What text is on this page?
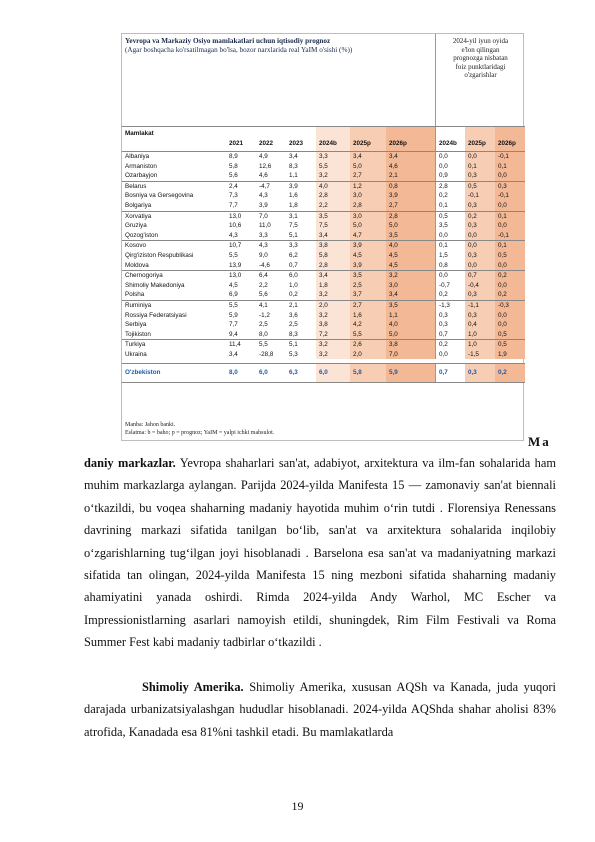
Yevropa va Markaziy Osiyo mamlakatlari uchun iqtisodiy prognoz
(Agar boshqacha ko'rsatilmagan bo'lsa, bozor narxlarida real YaIM o'sishi (%))
2024-yil iyun oyida
e'lon qilingan
prognozga nisbatan
foiz punktlaridagi
o'zgarishlar
Mamlakat
2021	2022	2023	2024b	2025p	2026p	2024b	2025p	2026p
Albaniya	8,9	4,9	3,4	3,3	3,4	3,4	0,0	0,0	-0,1
Armaniston	5,8	12,6	8,3	5,5	5,0	4,6	0,0	0,1	0,1
Ozarbayjon	5,6	4,6	1,1	3,2	2,7	2,1	0,9	0,3	0,0
Belarus	2,4	-4,7	3,9	4,0	1,2	0,8	2,8	0,5	0,3
Bosniya va Gersegovina	7,3	4,3	1,6	2,8	3,0	3,9	0,2	-0,1	-0,1
Bolgariya	7,7	3,9	1,8	2,2	2,8	2,7	0,1	0,3	0,0
Xorvatiya	13,0	7,0	3,1	3,5	3,0	2,8	0,5	0,2	0,1
Gruziya	10,6	11,0	7,5	7,5	5,0	5,0	3,5	0,3	0,0
Qozog'iston	4,3	3,3	5,1	3,4	4,7	3,5	0,0	0,0	-0,1
Kosovo	10,7	4,3	3,3	3,8	3,9	4,0	0,1	0,0	0,1
Qirg'iziston Respublikasi	5,5	9,0	6,2	5,8	4,5	4,5	1,5	0,3	0,5
Moldova	13,9	-4,6	0,7	2,8	3,9	4,5	0,8	0,0	0,0
Chernogoriya	13,0	6,4	6,0	3,4	3,5	3,2	0,0	0,7	0,2
Shimoliy Makedoniya	4,5	2,2	1,0	1,8	2,5	3,0	-0,7	-0,4	0,0
Polsha	6,9	5,6	0,2	3,2	3,7	3,4	0,2	0,3	0,2
Ruminiya	5,5	4,1	2,1	2,0	2,7	3,5	-1,3	-1,1	-0,3
Rossiya Federatsiyasi	5,9	-1,2	3,6	3,2	1,6	1,1	0,3	0,3	0,0
Serbiya	7,7	2,5	2,5	3,8	4,2	4,0	0,3	0,4	0,0
Tojikiston	9,4	8,0	8,3	7,2	5,5	5,0	0,7	1,0	0,5
Turkiya	11,4	5,5	5,1	3,2	2,6	3,8	0,2	1,0	0,5
Ukraina	3,4	-28,8	5,3	3,2	2,0	7,0	0,0	-1,5	1,9
O'zbekiston	8,0	6,0	6,3	6,0	5,8	5,9	0,7	0,3	0,2
Manba: Jahon banki.
Eslatma: b = baho; p = prognoz; YaIM = yalpi ichki mahsulot.
Ma

daniy markazlar. Yevropa shaharlari san'at, adabiyot, arxitektura va ilm-fan sohalarida ham muhim markazlarga aylangan. Parijda 2024-yilda Manifesta 15 — zamonaviy san'at biennali o‘tkazildi, bu voqea shaharning madaniy hayotida muhim o‘rin tutdi . Florensiya Renessans davrining markazi sifatida tanilgan bo‘lib, san'at va arxitektura sohalarida inqilobiy o‘zgarishlarning tug‘ilgan joyi hisoblanadi . Barselona esa san'at va madaniyatning markazi sifatida tan olingan, 2024-yilda Manifesta 15 ning mezboni sifatida shaharning madaniy ahamiyatini yanada oshirdi. Rimda 2024-yilda Andy Warhol, MC Escher va Impressionistlarning asarlari namoyish etildi, shuningdek, Rim Film Festivali va Roma Summer Fest kabi madaniy tadbirlar o‘tkazildi .

Shimoliy Amerika. Shimoliy Amerika, xususan AQSh va Kanada, juda yuqori darajada urbanizatsiyalashgan hududlar hisoblanadi. 2024-yilda AQShda shahar aholisi 83% atrofida, Kanadada esa 81%ni tashkil etadi. Bu mamlakatlarda

19
